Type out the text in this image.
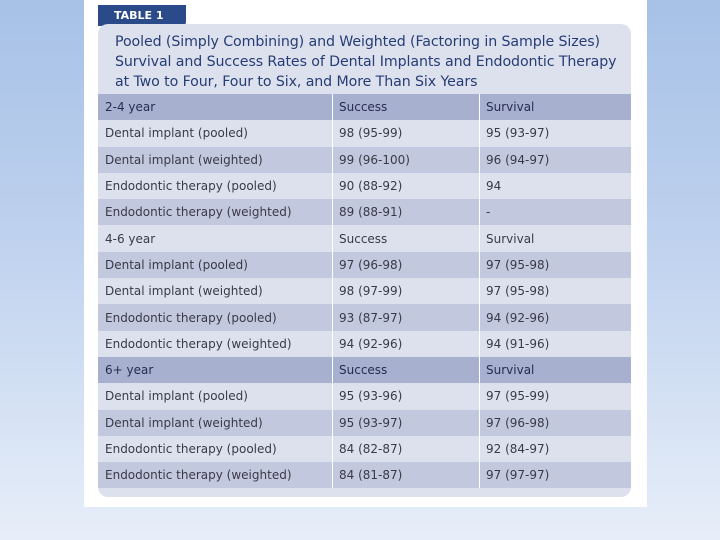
TABLE 1
Pooled (Simply Combining) and Weighted (Factoring in Sample Sizes) Survival and Success Rates of Dental Implants and Endodontic Therapy at Two to Four, Four to Six, and More Than Six Years
2-4 year	Success	Survival
Dental implant (pooled)	98 (95-99)	95 (93-97)
Dental implant (weighted)	99 (96-100)	96 (94-97)
Endodontic therapy (pooled)	90 (88-92)	94
Endodontic therapy (weighted)	89 (88-91)	-
4-6 year	Success	Survival
Dental implant (pooled)	97 (96-98)	97 (95-98)
Dental implant (weighted)	98 (97-99)	97 (95-98)
Endodontic therapy (pooled)	93 (87-97)	94 (92-96)
Endodontic therapy (weighted)	94 (92-96)	94 (91-96)
6+ year	Success	Survival
Dental implant (pooled)	95 (93-96)	97 (95-99)
Dental implant (weighted)	95 (93-97)	97 (96-98)
Endodontic therapy (pooled)	84 (82-87)	92 (84-97)
Endodontic therapy (weighted)	84 (81-87)	97 (97-97)
